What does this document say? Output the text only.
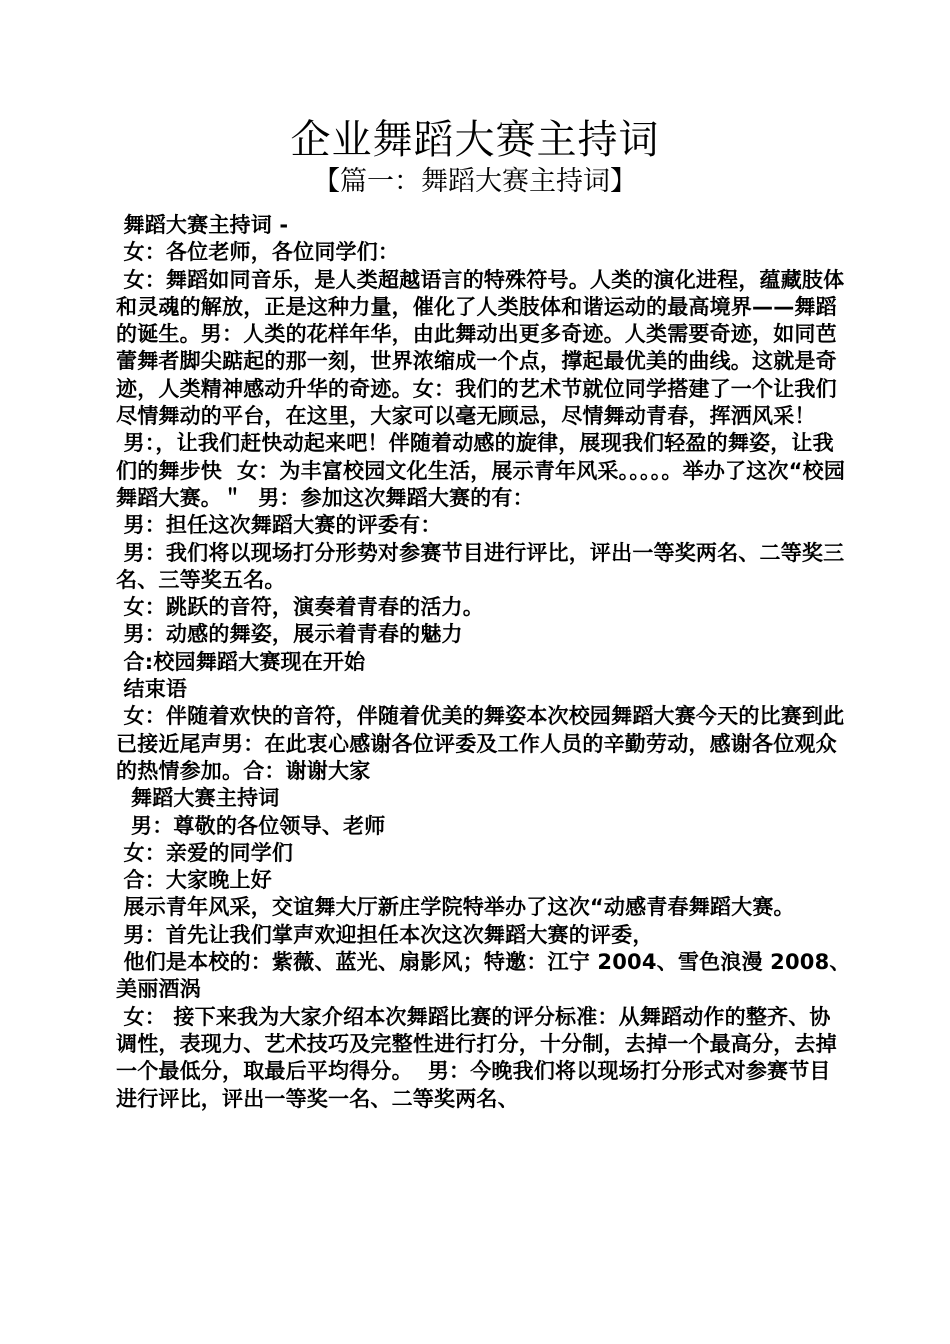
企业舞蹈大赛主持词
【篇一：舞蹈大赛主持词】

舞蹈大赛主持词 -

女：各位老师，各位同学们：

女：舞蹈如同音乐，是人类超越语言的特殊符号。人类的演化进程，蕴藏肢体和灵魂的解放，正是这种力量，催化了人类肢体和谐运动的最高境界——舞蹈的诞生。男：人类的花样年华，由此舞动出更多奇迹。人类需要奇迹，如同芭蕾舞者脚尖踮起的那一刻，世界浓缩成一个点，撑起最优美的曲线。这就是奇迹，人类精神感动升华的奇迹。女：我们的艺术节就位同学搭建了一个让我们尽情舞动的平台，在这里，大家可以毫无顾忌，尽情舞动青春，挥洒风采！

男：，让我们赶快动起来吧！伴随着动感的旋律，展现我们轻盈的舞姿，让我们的舞步快  女：为丰富校园文化生活，展示青年风采。。。。。举办了这次“校园舞蹈大赛。＂  男：参加这次舞蹈大赛的有：

男：担任这次舞蹈大赛的评委有：

男：我们将以现场打分形势对参赛节目进行评比，评出一等奖两名、二等奖三名、三等奖五名。

女：跳跃的音符，演奏着青春的活力。

男：动感的舞姿，展示着青春的魅力

合:校园舞蹈大赛现在开始

结束语

女：伴随着欢快的音符，伴随着优美的舞姿本次校园舞蹈大赛今天的比赛到此已接近尾声男：在此衷心感谢各位评委及工作人员的辛勤劳动，感谢各位观众的热情参加。合：谢谢大家

舞蹈大赛主持词

男：尊敬的各位领导、老师

女：亲爱的同学们

合：大家晚上好

展示青年风采，交谊舞大厅新庄学院特举办了这次“动感青春舞蹈大赛。

男：首先让我们掌声欢迎担任本次这次舞蹈大赛的评委，

他们是本校的：紫薇、蓝光、扇影风；特邀：江宁 2004、雪色浪漫 2008、美丽酒涡

女： 接下来我为大家介绍本次舞蹈比赛的评分标准：从舞蹈动作的整齐、协调性，表现力、艺术技巧及完整性进行打分，十分制，去掉一个最高分，去掉一个最低分，取最后平均得分。  男：今晚我们将以现场打分形式对参赛节目进行评比，评出一等奖一名、二等奖两名、
